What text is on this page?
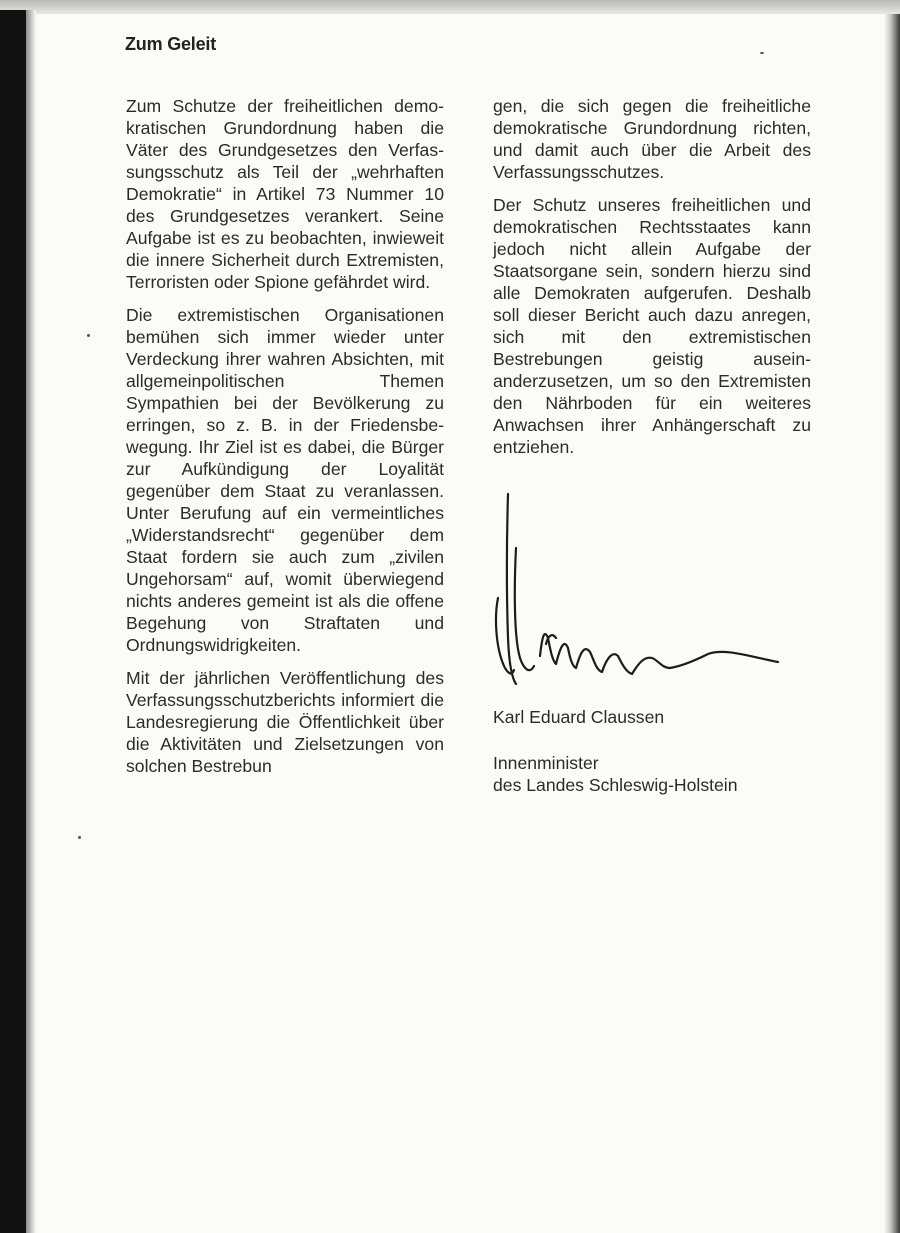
Zum Geleit

Zum Schutze der freiheitlichen demokratischen Grundordnung haben die Väter des Grundgesetzes den Verfassungsschutz als Teil der „wehrhaften Demokratie“ in Artikel 73 Nummer 10 des Grundgesetzes verankert. Seine Aufgabe ist es zu beobachten, inwieweit die innere Sicherheit durch Extremisten, Terroristen oder Spione gefährdet wird.

Die extremistischen Organisationen bemühen sich immer wieder unter Verdeckung ihrer wahren Absichten, mit allgemeinpolitischen Themen Sympathien bei der Bevölkerung zu erringen, so z. B. in der Friedensbewegung. Ihr Ziel ist es dabei, die Bürger zur Aufkündigung der Loyalität gegenüber dem Staat zu veranlassen. Unter Berufung auf ein vermeintliches „Widerstandsrecht“ gegenüber dem Staat fordern sie auch zum „zivilen Ungehorsam“ auf, womit überwiegend nichts anderes gemeint ist als die offene Begehung von Straftaten und Ordnungswidrigkeiten.

Mit der jährlichen Veröffentlichung des Verfassungsschutzberichts informiert die Landesregierung die Öffentlichkeit über die Aktivitäten und Zielsetzungen von solchen Bestrebun

gen, die sich gegen die freiheitliche demokratische Grundordnung richten, und damit auch über die Arbeit des Verfassungsschutzes.

Der Schutz unseres freiheitlichen und demokratischen Rechtsstaates kann jedoch nicht allein Aufgabe der Staatsorgane sein, sondern hierzu sind alle Demokraten aufgerufen. Deshalb soll dieser Bericht auch dazu anregen, sich mit den extremistischen Bestrebungen geistig auseinanderzusetzen, um so den Extremisten den Nährboden für ein weiteres Anwachsen ihrer Anhängerschaft zu entziehen.

Karl Eduard Claussen
Innenminister
des Landes Schleswig-Holstein
